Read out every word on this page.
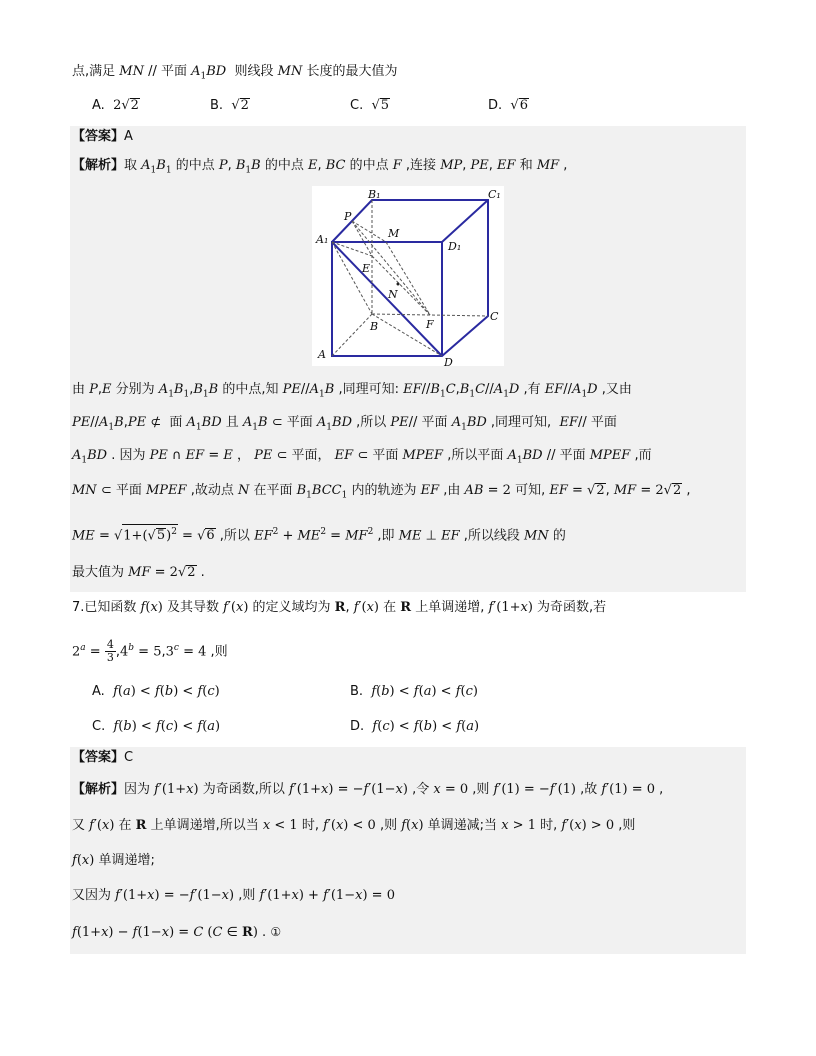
点,满足 MN // 平面 $A_1BD$  则线段 MN 长度的最大值为
A.  2√2	B.  √2	C.  √5	D.  √6
【答案】A
【解析】取 $A_1B_1$ 的中点 P, $B_1B$ 的中点 E, BC 的中点 F ,连接 MP, PE, EF 和 MF ,
B₁	C₁
P
M
A₁
D₁
E
N
B	F
C
A
D
由 P,E 分别为 $A_1B_1,B_1B$ 的中点,知 $PE//A_1B$ ,同理可知: $EF//B_1C,B_1C//A_1D$ ,有 $EF//A_1D$ ,又由
$PE//A_1B,PE$ ⊄  面 $A_1BD$ 且 $A_1B$ ⊂ 平面 $A_1BD$ ,所以 PE// 平面 $A_1BD$ ,同理可知,  EF// 平面
$A_1BD$ . 因为 PE ∩ EF = E ， PE ⊂ 平面， EF ⊂ 平面 MPEF ,所以平面 $A_1BD$ // 平面 MPEF ,而
MN ⊂ 平面 MPEF ,故动点 N 在平面 $B_1BCC_1$ 内的轨迹为 EF ,由 AB = 2 可知, EF = √2, MF = 2√2 ,
ME = $√1+(√5)^2 = √6$ ,所以 $EF^2 + ME^2 = MF^2$ ,即 ME ⊥ EF ,所以线段 MN 的
最大值为 MF = 2√2 .
7.已知函数 f(x) 及其导数 f′(x) 的定义域均为 R, f′(x) 在 R 上单调递增, f′(1+x) 为奇函数,若
$2^a = \frac{4}{3} ,4^b = 5,3^c = 4$ ,则
A.  f(a) < f(b) < f(c)	B.  f(b) < f(a) < f(c)
C.  f(b) < f(c) < f(a)	D.  f(c) < f(b) < f(a)
【答案】C
【解析】因为 f′(1+x) 为奇函数,所以 f′(1+x) = −f′(1−x) ,令 x = 0 ,则 f′(1) = −f′(1) ,故 f′(1) = 0 ,
又 f′(x) 在 R 上单调递增,所以当 x < 1 时, f′(x) < 0 ,则 f(x) 单调递减;当 x > 1 时, f′(x) > 0 ,则
f(x) 单调递增;
又因为 f′(1+x) = −f′(1−x) ,则 f′(1+x) + f′(1−x) = 0
f(1+x) − f(1−x) = C (C ∈ R) . ①
